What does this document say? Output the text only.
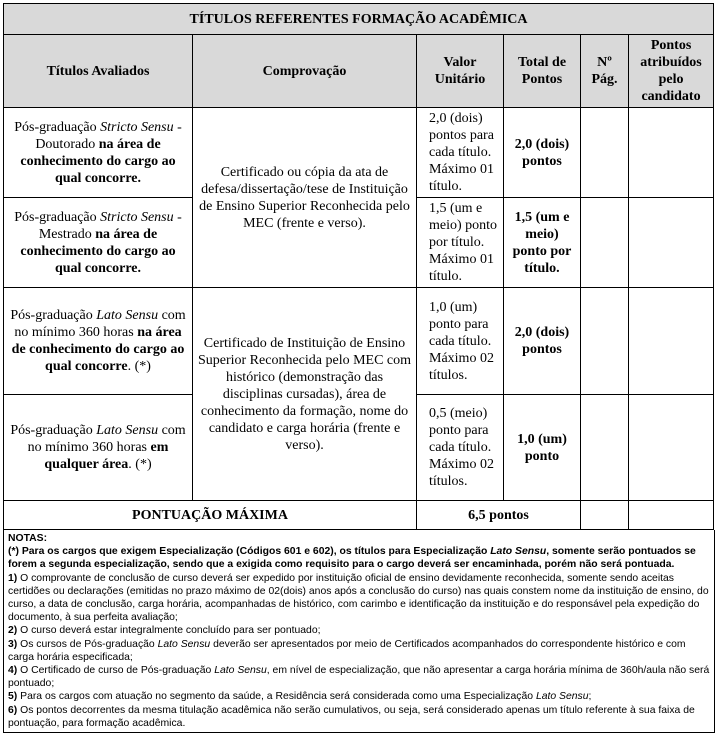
TÍTULOS REFERENTES FORMAÇÃO ACADÊMICA					
Títulos Avaliados	Comprovação	Valor Unitário	Total de Pontos	Nº Pág.	Pontos atribuídos pelo candidato
Pós-graduação Stricto Sensu - Doutorado na área de conhecimento do cargo ao qual concorre.	Certificado ou cópia da ata de defesa/dissertação/tese de Instituição de Ensino Superior Reconhecida pelo MEC (frente e verso).	2,0 (dois) pontos para cada título. Máximo 01 título.	2,0 (dois) pontos		
Pós-graduação Stricto Sensu - Mestrado na área de conhecimento do cargo ao qual concorre.		1,5 (um e meio) ponto por título. Máximo 01 título.	1,5 (um e meio) ponto por título.		
Pós-graduação Lato Sensu com no mínimo 360 horas na área de conhecimento do cargo ao qual concorre. (*)	Certificado de Instituição de Ensino Superior Reconhecida pelo MEC com histórico (demonstração das disciplinas cursadas), área de conhecimento da formação, nome do candidato e carga horária (frente e verso).	1,0 (um) ponto para cada título. Máximo 02 títulos.	2,0 (dois) pontos		
Pós-graduação Lato Sensu com no mínimo 360 horas em qualquer área. (*)		0,5 (meio) ponto para cada título. Máximo 02 títulos.	1,0 (um) ponto		
PONTUAÇÃO MÁXIMA		6,5 pontos			

NOTAS:

(*) Para os cargos que exigem Especialização (Códigos 601 e 602), os títulos para Especialização Lato Sensu, somente serão pontuados se forem a segunda especialização, sendo que a exigida como requisito para o cargo deverá ser encaminhada, porém não será pontuada.

1) O comprovante de conclusão de curso deverá ser expedido por instituição oficial de ensino devidamente reconhecida, somente sendo aceitas certidões ou declarações (emitidas no prazo máximo de 02(dois) anos após a conclusão do curso) nas quais constem nome da instituição de ensino, do curso, a data de conclusão, carga horária, acompanhadas de histórico, com carimbo e identificação da instituição e do responsável pela expedição do documento, à sua perfeita avaliação;

2) O curso deverá estar integralmente concluído para ser pontuado;

3) Os cursos de Pós-graduação Lato Sensu deverão ser apresentados por meio de Certificados acompanhados do correspondente histórico e com carga horária especificada;

4) O Certificado de curso de Pós-graduação Lato Sensu, em nível de especialização, que não apresentar a carga horária mínima de 360h/aula não será pontuado;

5) Para os cargos com atuação no segmento da saúde, a Residência será considerada como uma Especialização Lato Sensu;

6) Os pontos decorrentes da mesma titulação acadêmica não serão cumulativos, ou seja, será considerado apenas um título referente à sua faixa de pontuação, para formação acadêmica.
